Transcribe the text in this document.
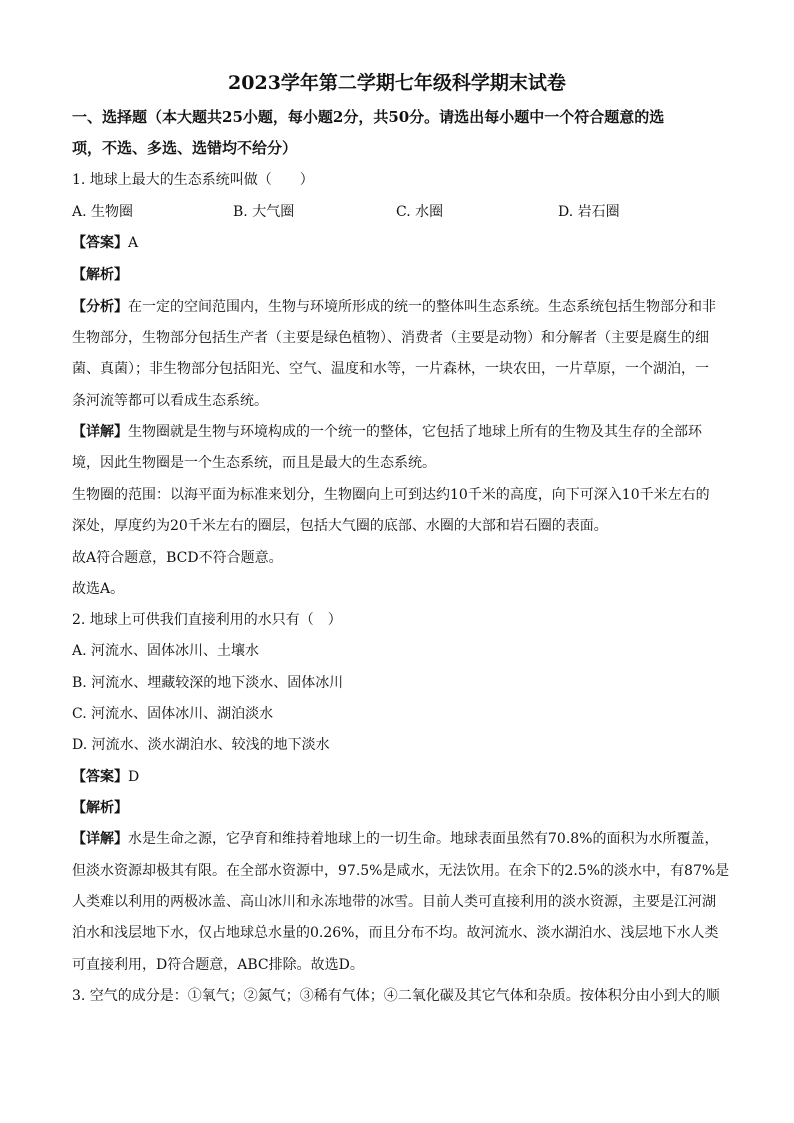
2023学年第二学期七年级科学期末试卷
一、选择题（本大题共25小题，每小题2分，共50分。请选出每小题中一个符合题意的选
项，不选、多选、选错均不给分）
1. 地球上最大的生态系统叫做（　　）
A. 生物圈	B. 大气圈	C. 水圈	D. 岩石圈
【答案】A
【解析】
【分析】在一定的空间范围内，生物与环境所形成的统一的整体叫生态系统。生态系统包括生物部分和非
生物部分，生物部分包括生产者（主要是绿色植物）、消费者（主要是动物）和分解者（主要是腐生的细
菌、真菌）；非生物部分包括阳光、空气、温度和水等，一片森林，一块农田，一片草原，一个湖泊，一
条河流等都可以看成生态系统。
【详解】生物圈就是生物与环境构成的一个统一的整体，它包括了地球上所有的生物及其生存的全部环
境，因此生物圈是一个生态系统，而且是最大的生态系统。
生物圈的范围：以海平面为标准来划分，生物圈向上可到达约10千米的高度，向下可深入10千米左右的
深处，厚度约为20千米左右的圈层，包括大气圈的底部、水圈的大部和岩石圈的表面。
故A符合题意，BCD不符合题意。
故选A。
2. 地球上可供我们直接利用的水只有（　）
A. 河流水、固体冰川、土壤水
B. 河流水、埋藏较深的地下淡水、固体冰川
C. 河流水、固体冰川、湖泊淡水
D. 河流水、淡水湖泊水、较浅的地下淡水
【答案】D
【解析】
【详解】水是生命之源，它孕育和维持着地球上的一切生命。地球表面虽然有70.8%的面积为水所覆盖，
但淡水资源却极其有限。在全部水资源中，97.5%是咸水，无法饮用。在余下的2.5%的淡水中，有87%是
人类难以利用的两极冰盖、高山冰川和永冻地带的冰雪。目前人类可直接利用的淡水资源，主要是江河湖
泊水和浅层地下水，仅占地球总水量的0.26%，而且分布不均。故河流水、淡水湖泊水、浅层地下水人类
可直接利用，D符合题意，ABC排除。故选D。
3. 空气的成分是：①氧气；②氮气；③稀有气体；④二氧化碳及其它气体和杂质。按体积分由小到大的顺
